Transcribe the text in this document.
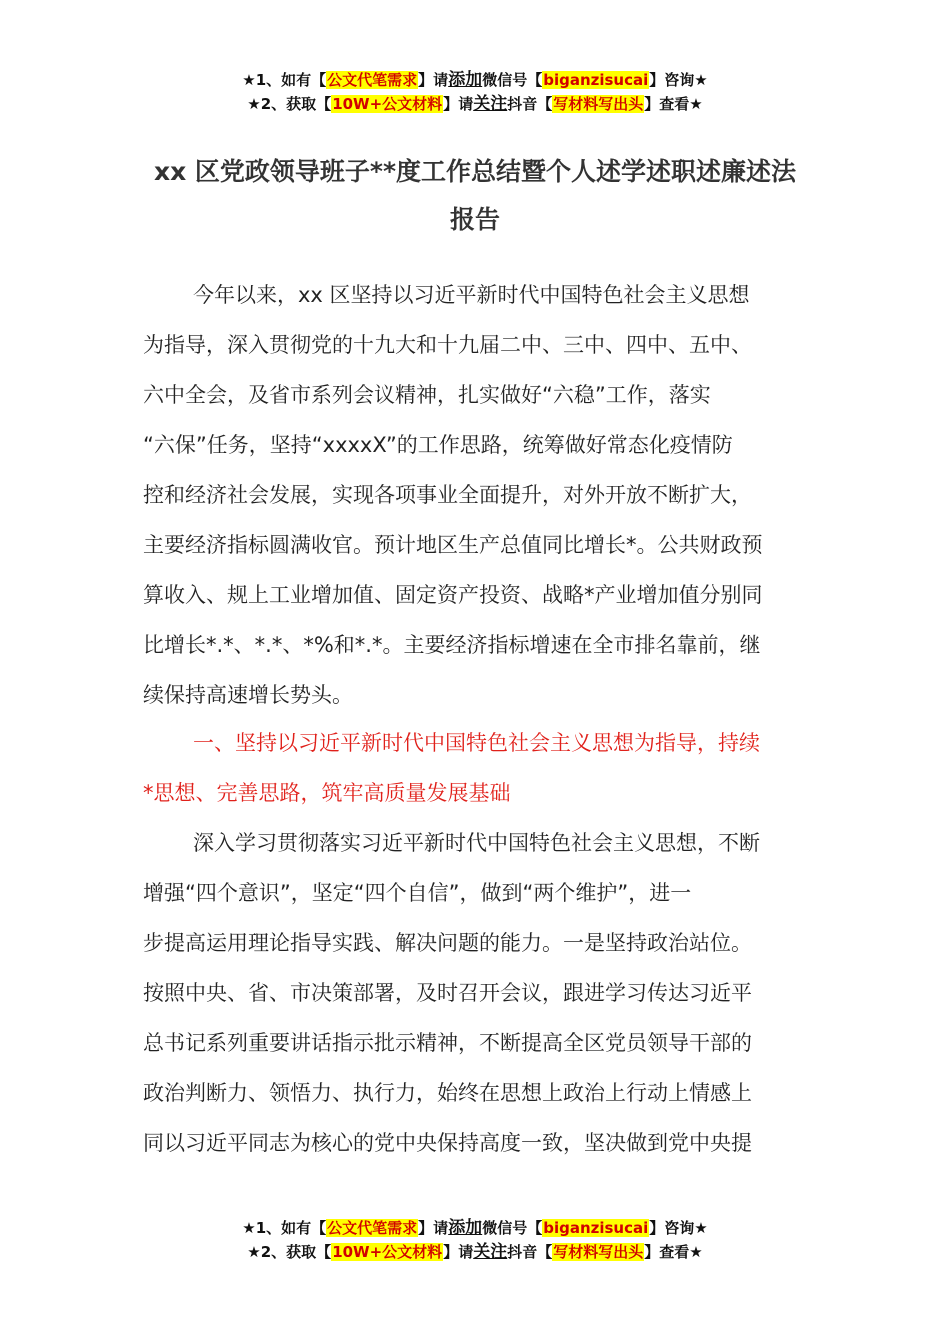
★1、如有【公文代笔需求】请添加微信号【biganzisucai】咨询★
★2、获取【10W+公文材料】请关注抖音【写材料写出头】查看★
xx 区党政领导班子**度工作总结暨个人述学述职述廉述法
报告
今年以来，xx 区坚持以习近平新时代中国特色社会主义思想
为指导，深入贯彻党的十九大和十九届二中、三中、四中、五中、
六中全会，及省市系列会议精神，扎实做好“六稳”工作，落实
“六保”任务，坚持“xxxxX”的工作思路，统筹做好常态化疫情防
控和经济社会发展，实现各项事业全面提升，对外开放不断扩大，
主要经济指标圆满收官。预计地区生产总值同比增长*。公共财政预
算收入、规上工业增加值、固定资产投资、战略*产业增加值分别同
比增长*.*、*.*、*%和*.*。主要经济指标增速在全市排名靠前，继
续保持高速增长势头。
一、坚持以习近平新时代中国特色社会主义思想为指导，持续
*思想、完善思路，筑牢高质量发展基础
深入学习贯彻落实习近平新时代中国特色社会主义思想，不断
增强“四个意识”，坚定“四个自信”，做到“两个维护”，进一
步提高运用理论指导实践、解决问题的能力。一是坚持政治站位。
按照中央、省、市决策部署，及时召开会议，跟进学习传达习近平
总书记系列重要讲话指示批示精神，不断提高全区党员领导干部的
政治判断力、领悟力、执行力，始终在思想上政治上行动上情感上
同以习近平同志为核心的党中央保持高度一致，坚决做到党中央提
★1、如有【公文代笔需求】请添加微信号【biganzisucai】咨询★
★2、获取【10W+公文材料】请关注抖音【写材料写出头】查看★
